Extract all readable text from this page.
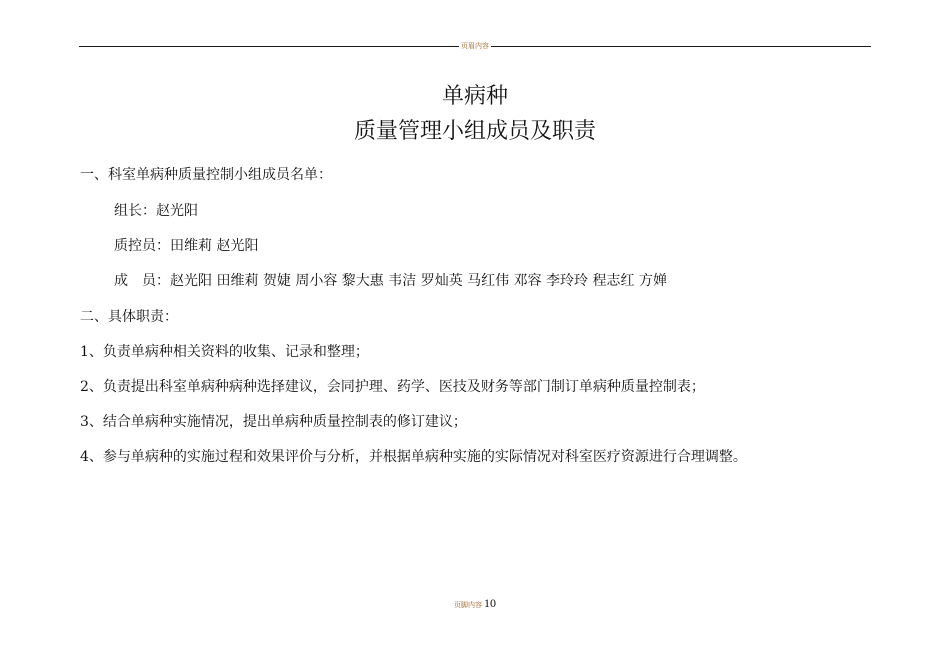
页眉内容
单病种
质量管理小组成员及职责
一、科室单病种质量控制小组成员名单：
组长：赵光阳
质控员：田维莉 赵光阳
成　员：赵光阳 田维莉 贺婕 周小容 黎大惠 韦洁 罗灿英 马红伟 邓容 李玲玲 程志红 方婵
二、具体职责：
1、负责单病种相关资料的收集、记录和整理；
2、负责提出科室单病种病种选择建议，会同护理、药学、医技及财务等部门制订单病种质量控制表；
3、结合单病种实施情况，提出单病种质量控制表的修订建议；
4、参与单病种的实施过程和效果评价与分析，并根据单病种实施的实际情况对科室医疗资源进行合理调整。
页脚内容 10
